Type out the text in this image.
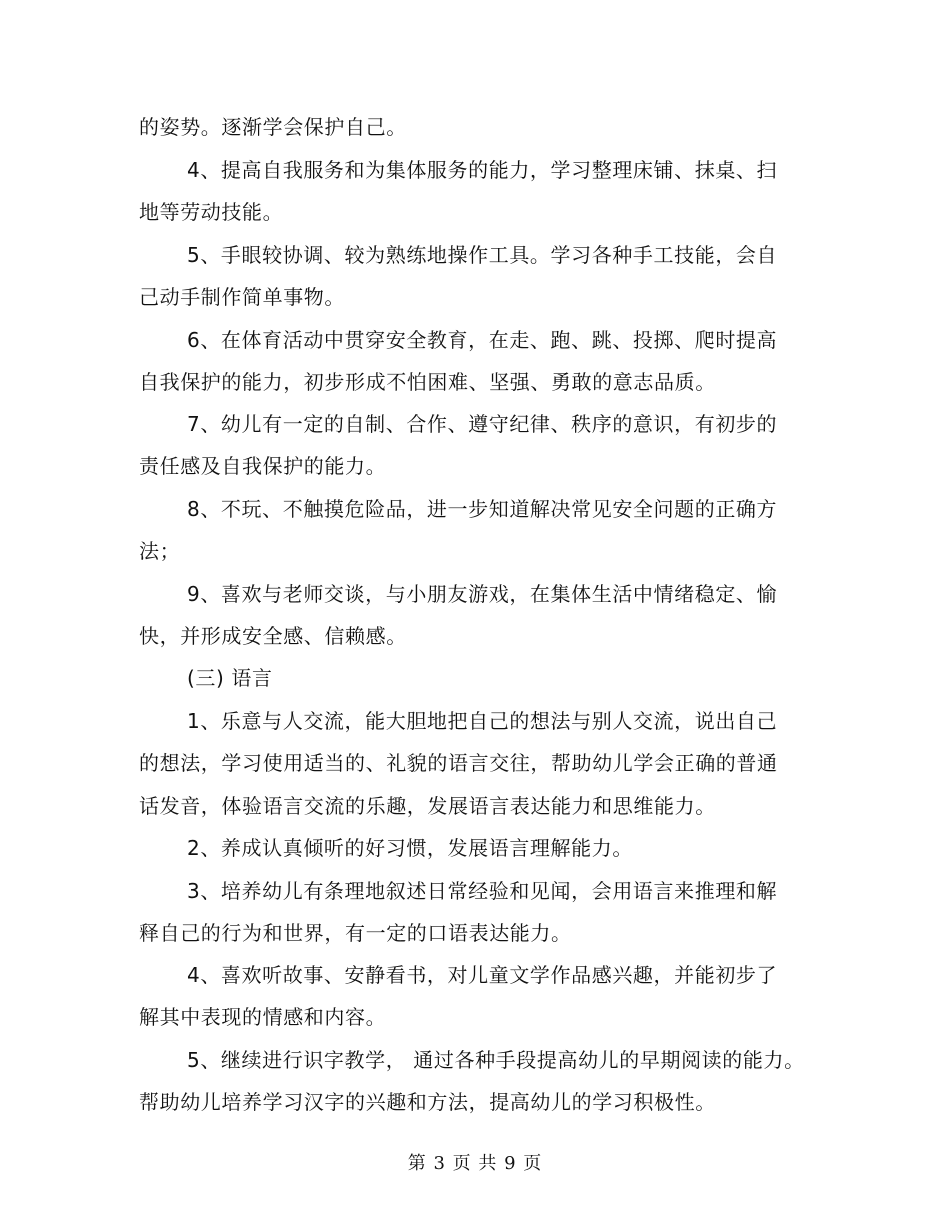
的姿势。逐渐学会保护自己。
4、提高自我服务和为集体服务的能力，学习整理床铺、抹桌、扫
地等劳动技能。
5、手眼较协调、较为熟练地操作工具。学习各种手工技能，会自
己动手制作简单事物。
6、在体育活动中贯穿安全教育，在走、跑、跳、投掷、爬时提高
自我保护的能力，初步形成不怕困难、坚强、勇敢的意志品质。
7、幼儿有一定的自制、合作、遵守纪律、秩序的意识，有初步的
责任感及自我保护的能力。
8、不玩、不触摸危险品，进一步知道解决常见安全问题的正确方
法；
9、喜欢与老师交谈，与小朋友游戏，在集体生活中情绪稳定、愉
快，并形成安全感、信赖感。
(三) 语言
1、乐意与人交流，能大胆地把自己的想法与别人交流，说出自己
的想法，学习使用适当的、礼貌的语言交往，帮助幼儿学会正确的普通
话发音，体验语言交流的乐趣，发展语言表达能力和思维能力。
2、养成认真倾听的好习惯，发展语言理解能力。
3、培养幼儿有条理地叙述日常经验和见闻，会用语言来推理和解
释自己的行为和世界，有一定的口语表达能力。
4、喜欢听故事、安静看书，对儿童文学作品感兴趣，并能初步了
解其中表现的情感和内容。
5、继续进行识字教学， 通过各种手段提高幼儿的早期阅读的能力。
帮助幼儿培养学习汉字的兴趣和方法，提高幼儿的学习积极性。
第 3 页 共 9 页
